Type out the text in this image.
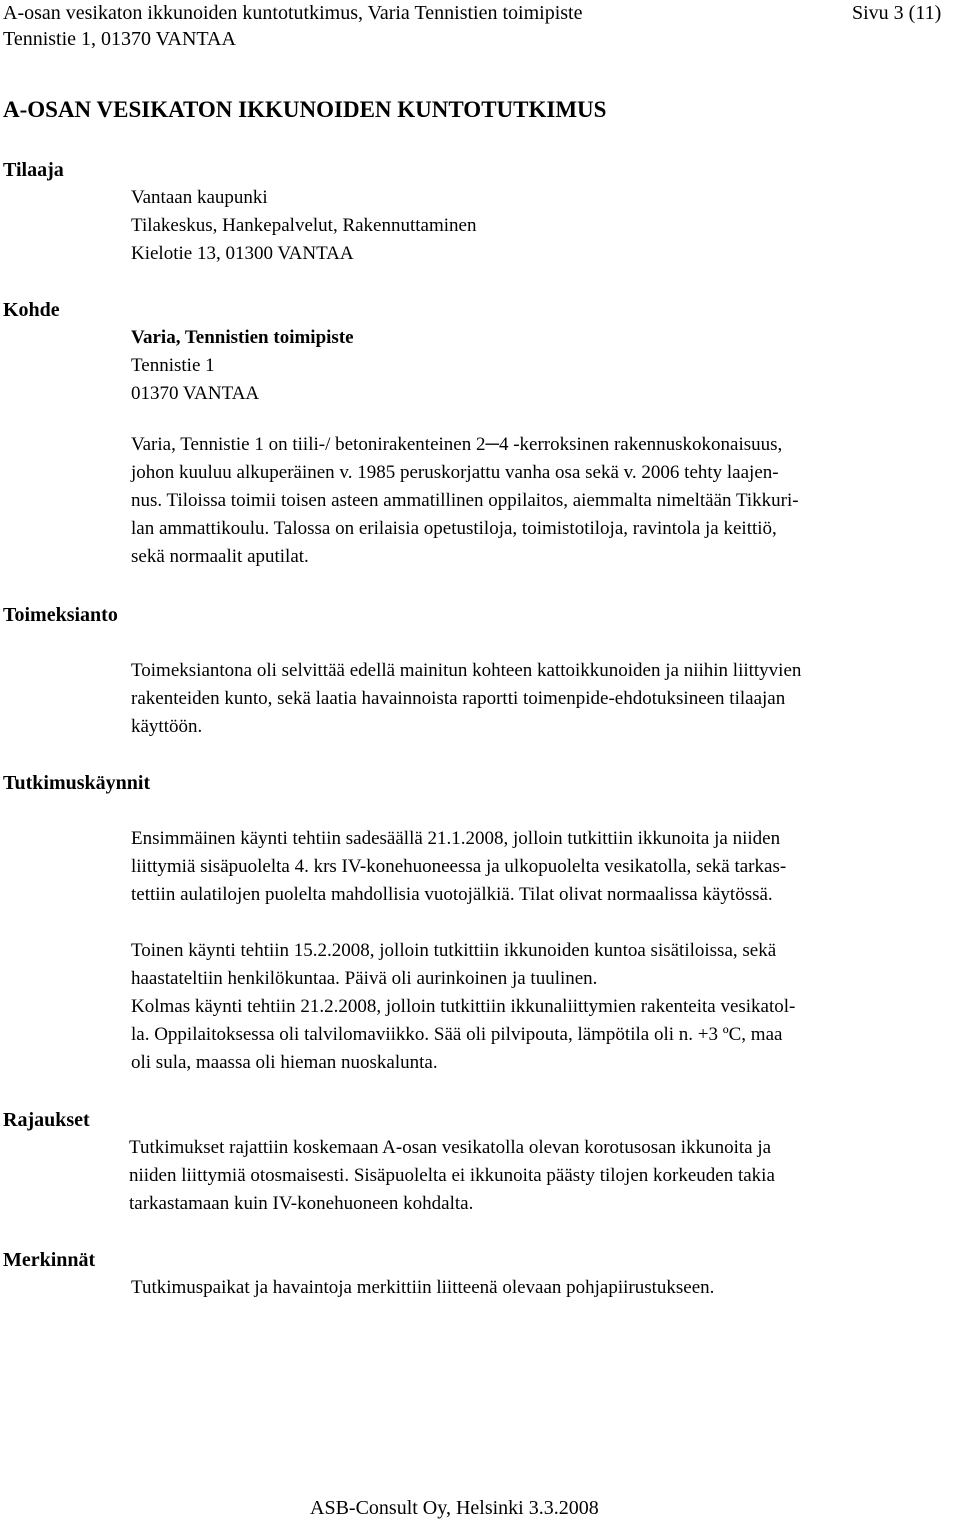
A-osan vesikaton ikkunoiden kuntotutkimus, Varia Tennistien toimipiste
Tennistie 1, 01370 VANTAA
Sivu 3 (11)
A-OSAN VESIKATON IKKUNOIDEN KUNTOTUTKIMUS
Tilaaja
Vantaan kaupunki
Tilakeskus, Hankepalvelut, Rakennuttaminen
Kielotie 13, 01300 VANTAA
Kohde
Varia, Tennistien toimipiste
Tennistie 1
01370 VANTAA
Varia, Tennistie 1 on tiili-/ betonirakenteinen 2─4 -kerroksinen rakennuskokonaisuus,
johon kuuluu alkuperäinen v. 1985 peruskorjattu vanha osa sekä v. 2006 tehty laajen-
nus. Tiloissa toimii toisen asteen ammatillinen oppilaitos, aiemmalta nimeltään Tikkuri-
lan ammattikoulu. Talossa on erilaisia opetustiloja, toimistotiloja, ravintola ja keittiö,
sekä normaalit aputilat.
Toimeksianto
Toimeksiantona oli selvittää edellä mainitun kohteen kattoikkunoiden ja niihin liittyvien
rakenteiden kunto, sekä laatia havainnoista raportti toimenpide-ehdotuksineen tilaajan
käyttöön.
Tutkimuskäynnit
Ensimmäinen käynti tehtiin sadesäällä 21.1.2008, jolloin tutkittiin ikkunoita ja niiden
liittymiä sisäpuolelta 4. krs IV-konehuoneessa ja ulkopuolelta vesikatolla, sekä tarkas-
tettiin aulatilojen puolelta mahdollisia vuotojälkiä. Tilat olivat normaalissa käytössä.
Toinen käynti tehtiin 15.2.2008, jolloin tutkittiin ikkunoiden kuntoa sisätiloissa, sekä
haastateltiin henkilökuntaa. Päivä oli aurinkoinen ja tuulinen.
Kolmas käynti tehtiin 21.2.2008, jolloin tutkittiin ikkunaliittymien rakenteita vesikatol-
la. Oppilaitoksessa oli talvilomaviikko. Sää oli pilvipouta, lämpötila oli n. +3 ºC, maa
oli sula, maassa oli hieman nuoskalunta.
Rajaukset
Tutkimukset rajattiin koskemaan A-osan vesikatolla olevan korotusosan ikkunoita ja
niiden liittymiä otosmaisesti. Sisäpuolelta ei ikkunoita päästy tilojen korkeuden takia
tarkastamaan kuin IV-konehuoneen kohdalta.
Merkinnät
Tutkimuspaikat ja havaintoja merkittiin liitteenä olevaan pohjapiirustukseen.
ASB-Consult Oy, Helsinki 3.3.2008
